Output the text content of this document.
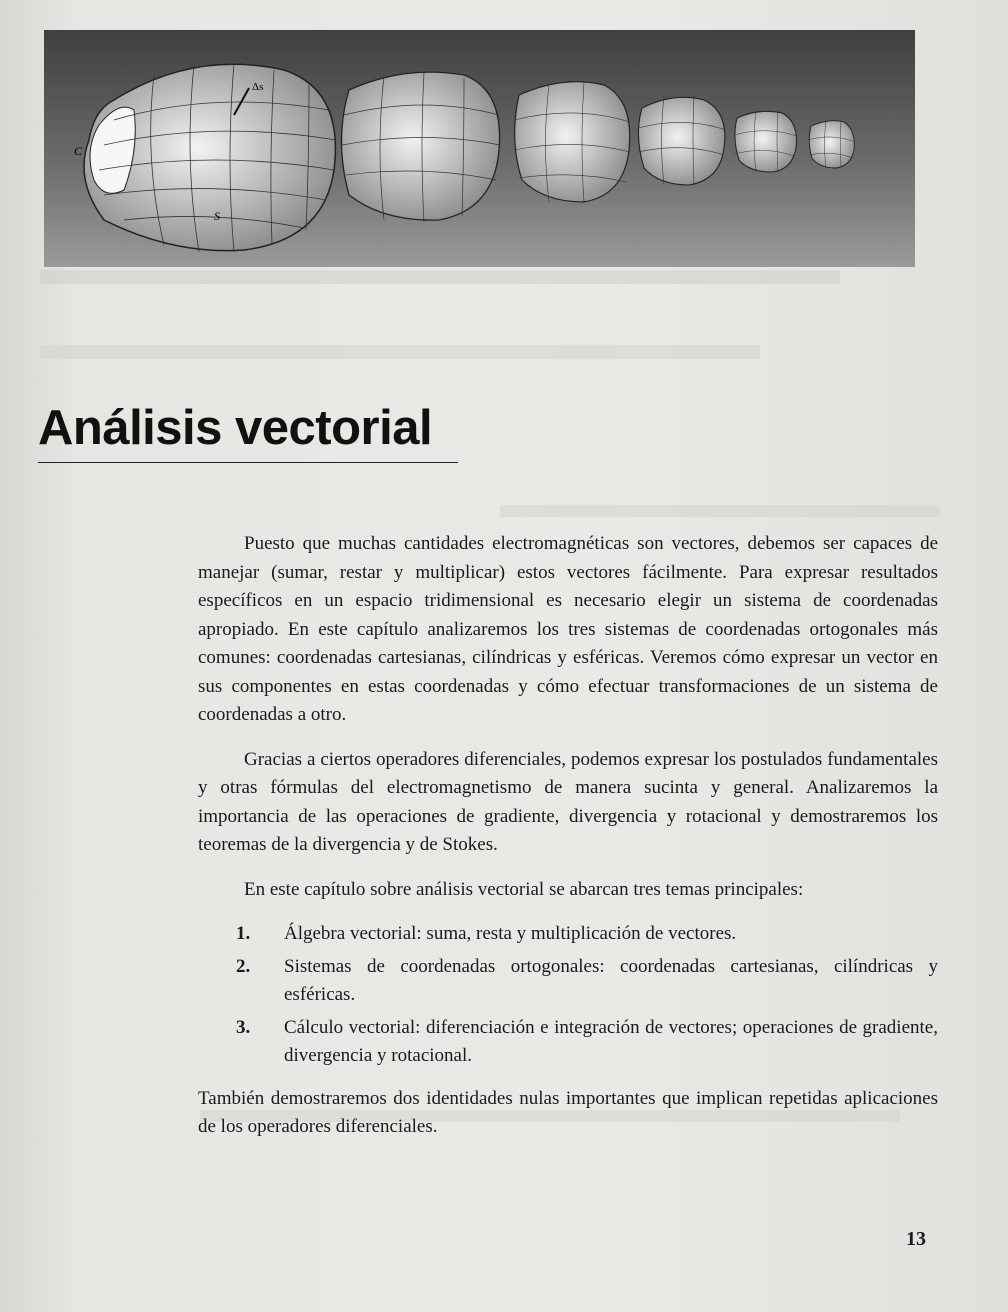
Δs
C
S
Análisis vectorial

Puesto que muchas cantidades electromagnéticas son vectores, debemos ser capaces de manejar (sumar, restar y multiplicar) estos vectores fácilmente. Para expresar resultados específicos en un espacio tridimensional es necesario elegir un sistema de coordenadas apropiado. En este capítulo analizaremos los tres sistemas de coordenadas ortogonales más comunes: coordenadas cartesianas, cilíndricas y esféricas. Veremos cómo expresar un vector en sus componentes en estas coordenadas y cómo efectuar transformaciones de un sistema de coordenadas a otro.

Gracias a ciertos operadores diferenciales, podemos expresar los postulados fundamentales y otras fórmulas del electromagnetismo de manera sucinta y general. Analizaremos la importancia de las operaciones de gradiente, divergencia y rotacional y demostraremos los teoremas de la divergencia y de Stokes.

En este capítulo sobre análisis vectorial se abarcan tres temas principales:

1. Álgebra vectorial: suma, resta y multiplicación de vectores.
2. Sistemas de coordenadas ortogonales: coordenadas cartesianas, cilíndricas y esféricas.
3. Cálculo vectorial: diferenciación e integración de vectores; operaciones de gradiente, divergencia y rotacional.

También demostraremos dos identidades nulas importantes que implican repetidas aplicaciones de los operadores diferenciales.

13
